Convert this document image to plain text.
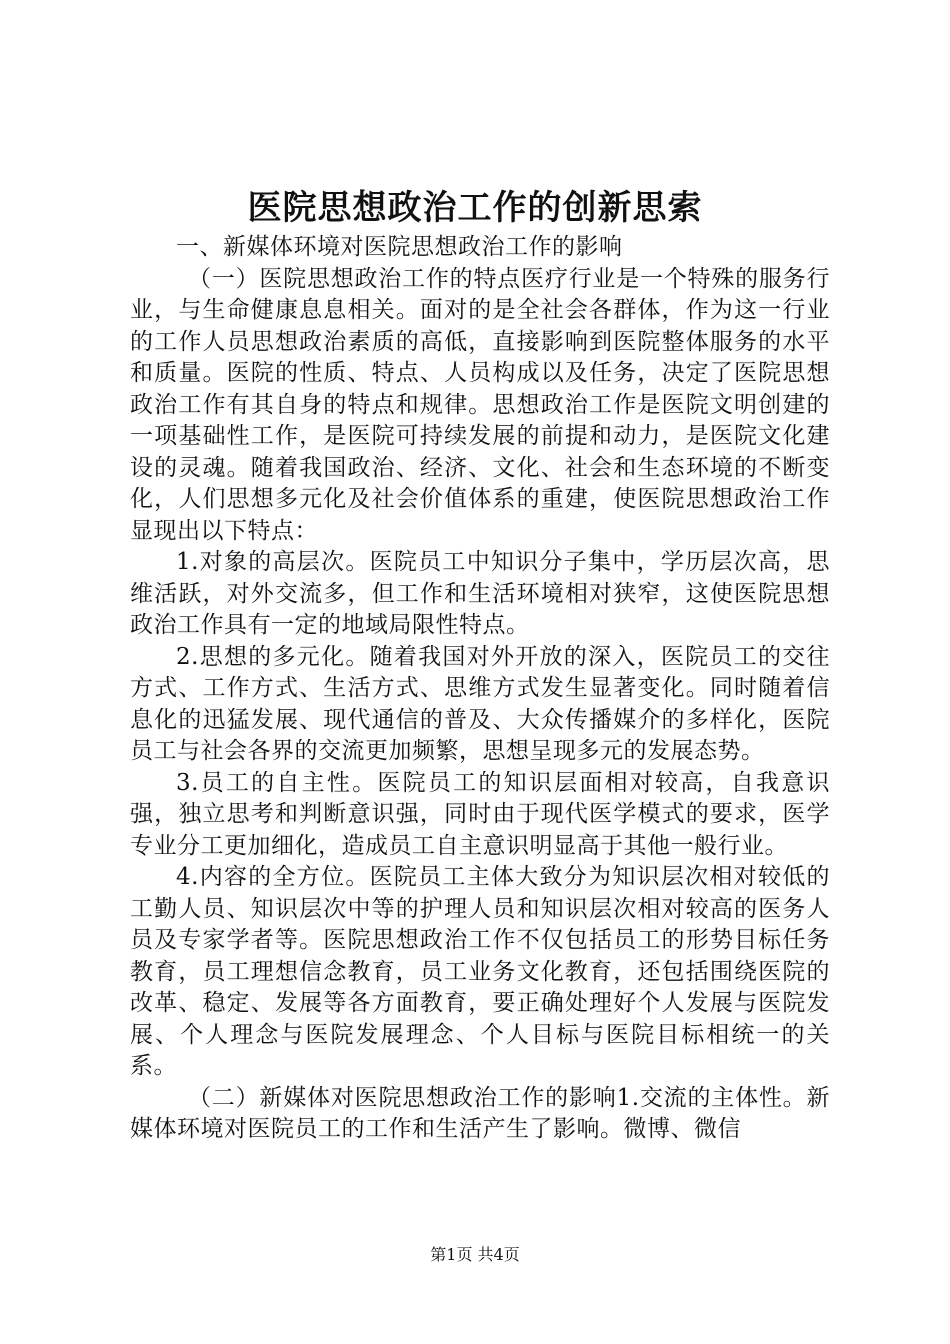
医院思想政治工作的创新思索

一、新媒体环境对医院思想政治工作的影响

（一）医院思想政治工作的特点医疗行业是一个特殊的服务行业，与生命健康息息相关。面对的是全社会各群体，作为这一行业的工作人员思想政治素质的高低，直接影响到医院整体服务的水平和质量。医院的性质、特点、人员构成以及任务，决定了医院思想政治工作有其自身的特点和规律。思想政治工作是医院文明创建的一项基础性工作，是医院可持续发展的前提和动力，是医院文化建设的灵魂。随着我国政治、经济、文化、社会和生态环境的不断变化，人们思想多元化及社会价值体系的重建，使医院思想政治工作显现出以下特点：

1.对象的高层次。医院员工中知识分子集中，学历层次高，思维活跃，对外交流多，但工作和生活环境相对狭窄，这使医院思想政治工作具有一定的地域局限性特点。

2.思想的多元化。随着我国对外开放的深入，医院员工的交往方式、工作方式、生活方式、思维方式发生显著变化。同时随着信息化的迅猛发展、现代通信的普及、大众传播媒介的多样化，医院员工与社会各界的交流更加频繁，思想呈现多元的发展态势。

3.员工的自主性。医院员工的知识层面相对较高，自我意识强，独立思考和判断意识强，同时由于现代医学模式的要求，医学专业分工更加细化，造成员工自主意识明显高于其他一般行业。

4.内容的全方位。医院员工主体大致分为知识层次相对较低的工勤人员、知识层次中等的护理人员和知识层次相对较高的医务人员及专家学者等。医院思想政治工作不仅包括员工的形势目标任务教育，员工理想信念教育，员工业务文化教育，还包括围绕医院的改革、稳定、发展等各方面教育，要正确处理好个人发展与医院发展、个人理念与医院发展理念、个人目标与医院目标相统一的关系。

（二）新媒体对医院思想政治工作的影响1.交流的主体性。新媒体环境对医院员工的工作和生活产生了影响。微博、微信

第1页 共4页
